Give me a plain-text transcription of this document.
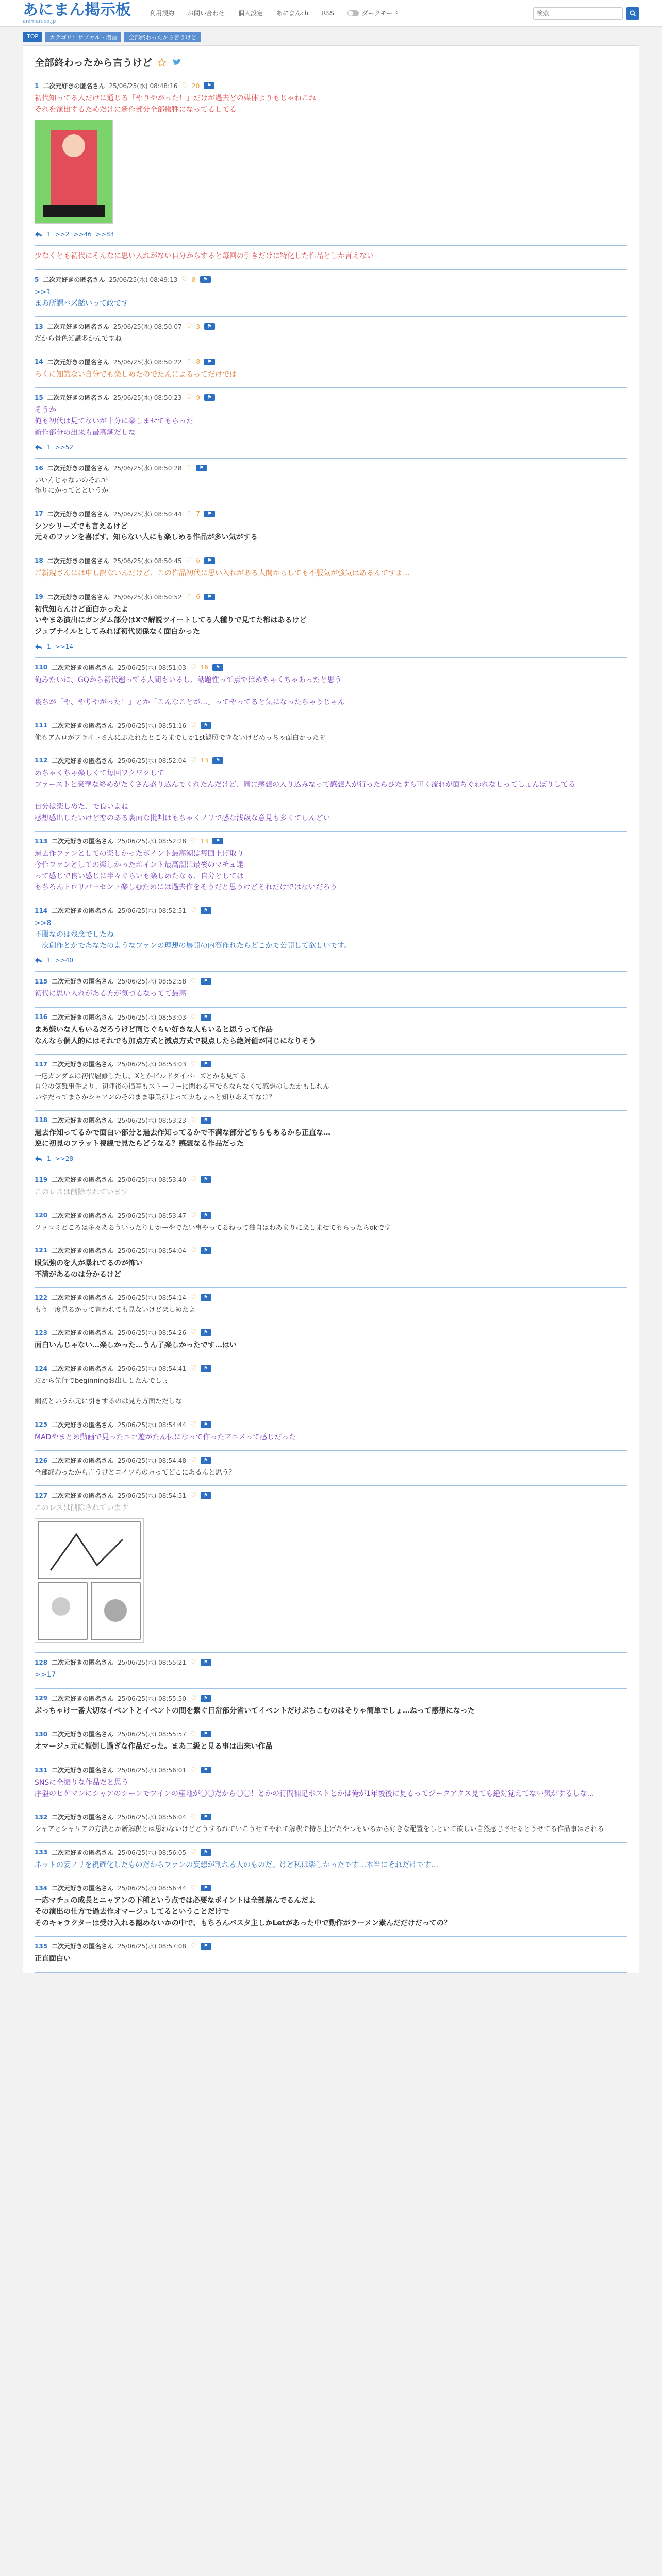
あにまん掲示板
animan.co.jp
利用規約 お問い合わせ 個人設定 あにまんch RSS	ダークモード
検索
TOP	カテゴリ：サブカル・漫画	全部終わったから言うけど
全部終わったから言うけど
1 二次元好きの匿名さん 25/06/25(水) 08:48:16 ♡ 20	⚑
初代知ってる人だけに通じる「やりやがった！」だけが過去どの媒体よりもじゃねこれ
それを演出するためだけに新作部分全部犠牲になってるしてる
1 >>2 >>46 >>83
少なくとも初代にそんなに思い入れがない自分からすると毎回の引きだけに特化した作品としか言えない
5 二次元好きの匿名さん 25/06/25(水) 08:49:13 ♡ 8	⚑
>>1
まあ所謂パズ話いって政です
13 二次元好きの匿名さん 25/06/25(水) 08:50:07 ♡ 3	⚑
だから景色知識多かんですね
14 二次元好きの匿名さん 25/06/25(水) 08:50:22 ♡ 8	⚑
ろくに知識ない自分でも楽しめたのでたんによるってだけでは
15 二次元好きの匿名さん 25/06/25(水) 08:50:23 ♡ 9	⚑
そうか
俺も初代は見てないが十分に楽しませてもらった
新作部分の出来も最高潮だしな
1 >>52
16 二次元好きの匿名さん 25/06/25(水) 08:50:28 ♡	⚑
いいんじゃないのそれで
作りにかってとというか
17 二次元好きの匿名さん 25/06/25(水) 08:50:44 ♡ 7	⚑
シンシリーズでも言えるけど
元々のファンを喜ばす、知らない人にも楽しめる作品が多い気がする
18 二次元好きの匿名さん 25/06/25(水) 08:50:45 ♡ 6	⚑
ご新規さんには申し訳ないんだけど、この作品初代に思い入れがある人間からしても不服気が強気はあるんですよ…
19 二次元好きの匿名さん 25/06/25(水) 08:50:52 ♡ 6	⚑
初代知らんけど面白かったよ
いやまあ演出にガンダム部分はXで解説ツイートしてる人種りで見てた都はあるけど
ジュブナイルとしてみれば初代関係なく面白かった
1 >>14
110 二次元好きの匿名さん 25/06/25(水) 08:51:03 ♡ 16	⚑
俺みたいに、GQから初代遡ってる人間もいるし、話題性って点ではめちゃくちゃあったと思う

裏ちが「や、やりやがった！」とか「こんなことが…」ってやってると気になったちゃうじゃん
111 二次元好きの匿名さん 25/06/25(水) 08:51:16 ♡	⚑
俺もアムロがブライトさんにぶたれたところまでしか1st観照できないけどめっちゃ面白かったぞ
112 二次元好きの匿名さん 25/06/25(水) 08:52:04 ♡ 13	⚑
めちゃくちゃ楽しくて毎回ワクワクして
ファーストと豪華な絡めがたくさん盛り込んでくれたんだけど、同に感想の入り込みなって感想人が行ったらひたすら可く流れが面ちぐわれなしってしょんぼりしてる

自分は楽しめた、で良いよね
感想感出したいけど恋のある裏面な批判はもちゃくノリで感な浅歳な意見も多くてしんどい
113 二次元好きの匿名さん 25/06/25(水) 08:52:28 ♡ 13	⚑
過去作ファンとしての楽しかったポイント最高潮は毎回上げ取り
今作ファンとしての楽しかったポイント最高潮は最後のマチュ達
って感じで良い感じに半々ぐらいも楽しめたなぁ、自分としては
もちろんトロリパーセント楽しむためには過去作をそうだと思うけどそれだけではないだろう
114 二次元好きの匿名さん 25/06/25(水) 08:52:51 ♡	⚑
>>8
不服なのは残念でしたね
二次創作とかであなたのようなファンの理想の展開の内容作れたらどこかで公開して欲しいです。
1 >>40
115 二次元好きの匿名さん 25/06/25(水) 08:52:58 ♡	⚑
初代に思い入れがある方が気づるなってて最高
116 二次元好きの匿名さん 25/06/25(水) 08:53:03 ♡	⚑
まあ嫌いな人もいるだろうけど同じぐらい好きな人もいると思うって作品
なんなら個人的にはそれでも加点方式と減点方式で視点したら絶対値が同じになりそう
117 二次元好きの匿名さん 25/06/25(水) 08:53:03 ♡	⚑
一応ガンダムは初代履修したし、Xとかビルドダイバーズとかも見てる
自分の気難事件より、初陣後の描写もストーリーに関わる事でもならなくて感想のしたかもしれん
いやだってまさかシャアンのそのまま事業がよってカちょっと知りあえてなけ？
118 二次元好きの匿名さん 25/06/25(水) 08:53:23 ♡	⚑
過去作知ってるかで面白い部分と過去作知ってるかで不満な部分どちらもあるから正直な…
逆に初見のフラット視線で見たらどうなる？感想なる作品だった
1 >>28
119 二次元好きの匿名さん 25/06/25(水) 08:53:40 ♡	⚑
このレスは削除されています
120 二次元好きの匿名さん 25/06/25(水) 08:53:47 ♡	⚑
ツッコミどころは多々あるういったりしかーやでたい事やってるねって独自はわあまりに楽しませてもらったらokです
121 二次元好きの匿名さん 25/06/25(水) 08:54:04 ♡	⚑
眼気強のを人が暴れてるのが怖い
不満があるのは分かるけど
122 二次元好きの匿名さん 25/06/25(水) 08:54:14 ♡	⚑
もう一度見るかって言われても見ないけど楽しめたよ
123 二次元好きの匿名さん 25/06/25(水) 08:54:26 ♡	⚑
面白いんじゃない…楽しかった…うん了楽しかったです…はい
124 二次元好きの匿名さん 25/06/25(水) 08:54:41 ♡	⚑
だから先行でbeginningお出ししたんでしょ

鋼初というか元に引きするのは見方方面ただしな
125 二次元好きの匿名さん 25/06/25(水) 08:54:44 ♡	⚑
MADやまとめ動画で見ったニコ遊がたん伝になって作ったアニメって感じだった
126 二次元好きの匿名さん 25/06/25(水) 08:54:48 ♡	⚑
全部終わったから言うけどコイツらの方ってどこにあるんと思う？
127 二次元好きの匿名さん 25/06/25(水) 08:54:51 ♡	⚑
このレスは削除されています
128 二次元好きの匿名さん 25/06/25(水) 08:55:21 ♡	⚑
>>17
129 二次元好きの匿名さん 25/06/25(水) 08:55:50 ♡	⚑
ぶっちゃけ一番大切なイベントとイベントの間を繋ぐ日常部分省いてイベントだけぶちこむのはそりゃ簡単でしょ…ねって感想になった
130 二次元好きの匿名さん 25/06/25(水) 08:55:57 ♡	⚑
オマージュ元に傾倒し過ぎな作品だった。まあ二級と見る事は出来い作品
131 二次元好きの匿名さん 25/06/25(水) 08:56:01 ♡	⚑
SNSに全振りな作品だと思う
序盤のヒゲマンにシャアのシーンでワインの産地が〇〇だから〇〇！とかの行間補足ポストとかは俺が1年後後に見るってジークアクス見ても絶対覚えてない気がするしな…
132 二次元好きの匿名さん 25/06/25(水) 08:56:04 ♡	⚑
シャアとシャリアの方決とか新解釈とは思わないけどどうするれていこうせてやれて解釈で持ち上げたやつもいるから好きな配置をしといて欲しい自然感じさせるとうせてる作品事はされる
133 二次元好きの匿名さん 25/06/25(水) 08:56:05 ♡	⚑
ネットの妄ノリを視確化したものだからファンの妄想が割れる人のものだ。けど私は楽しかったです…本当にそれだけです…
134 二次元好きの匿名さん 25/06/25(水) 08:56:44 ♡	⚑
一応マチュの成長とニャアンの下種という点では必要なポイントは全部踏んでるんだよ
その演出の仕方で過去作オマージュしてるということだけで
そのキャラクターは受け入れる認めないかの中で、もちろんバスタ主しかLetがあった中で動作がラーメン素んだだけだっての？
135 二次元好きの匿名さん 25/06/25(水) 08:57:08 ♡	⚑
正直面白い
